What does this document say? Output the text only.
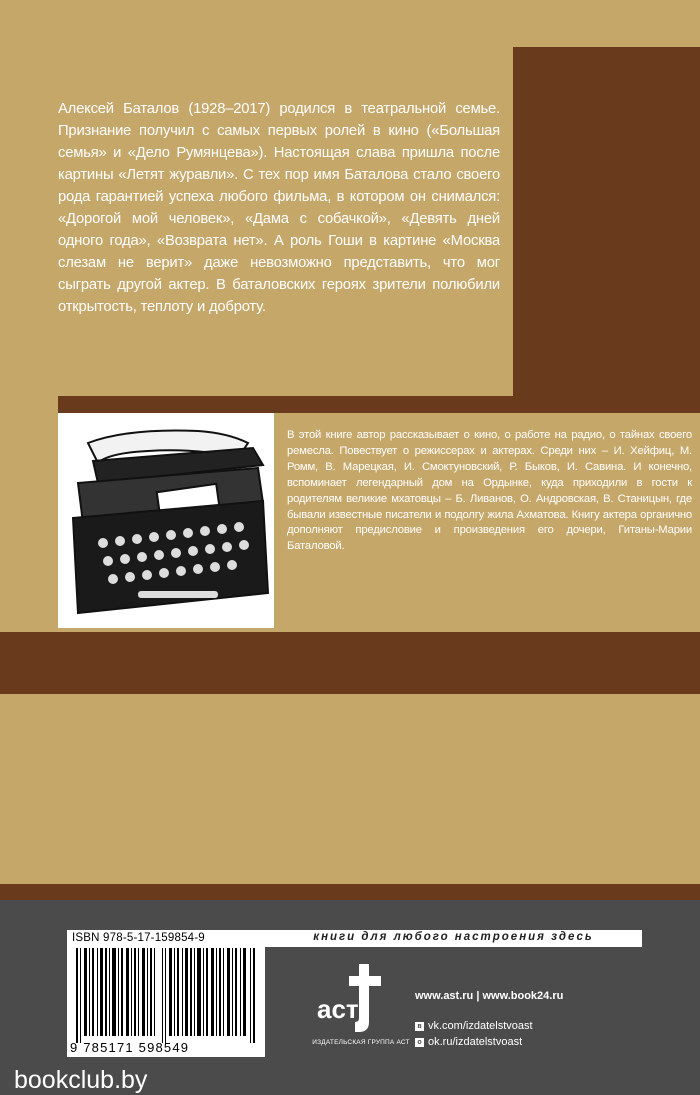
Алексей Баталов (1928–2017) родился в театральной семье. Признание получил с самых первых ролей в кино («Большая семья» и «Дело Румянцева»). Настоящая слава пришла после картины «Летят журавли». С тех пор имя Баталова стало своего рода гарантией успеха любого фильма, в котором он снимался: «Дорогой мой человек», «Дама с собачкой», «Девять дней одного года», «Возврата нет». А роль Гоши в картине «Москва слезам не верит» даже невозможно представить, что мог сыграть другой актер. В баталовских героях зрители полюбили открытость, теплоту и доброту.
В этой книге автор рассказывает о кино, о работе на радио, о тайнах своего ремесла. Повествует о режиссерах и актерах. Среди них – И. Хейфиц, М. Ромм, В. Марецкая, И. Смоктуновский, Р. Быков, И. Савина. И конечно, вспоминает легендарный дом на Ордынке, куда приходили в гости к родителям великие мхатовцы – Б. Ливанов, О. Андровская, В. Станицын, где бывали известные писатели и подолгу жила Ахматова. Книгу актера органично дополняют предисловие и произведения его дочери, Гитаны-Марии Баталовой.
ISBN 978-5-17-159854-9
9 785171 598549
книги для любого настроения здесь
аст
ИЗДАТЕЛЬСКАЯ ГРУППА АСТ
www.ast.ru | www.book24.ru
в vk.com/izdatelstvoast
о ok.ru/izdatelstvoast
bookclub.by
